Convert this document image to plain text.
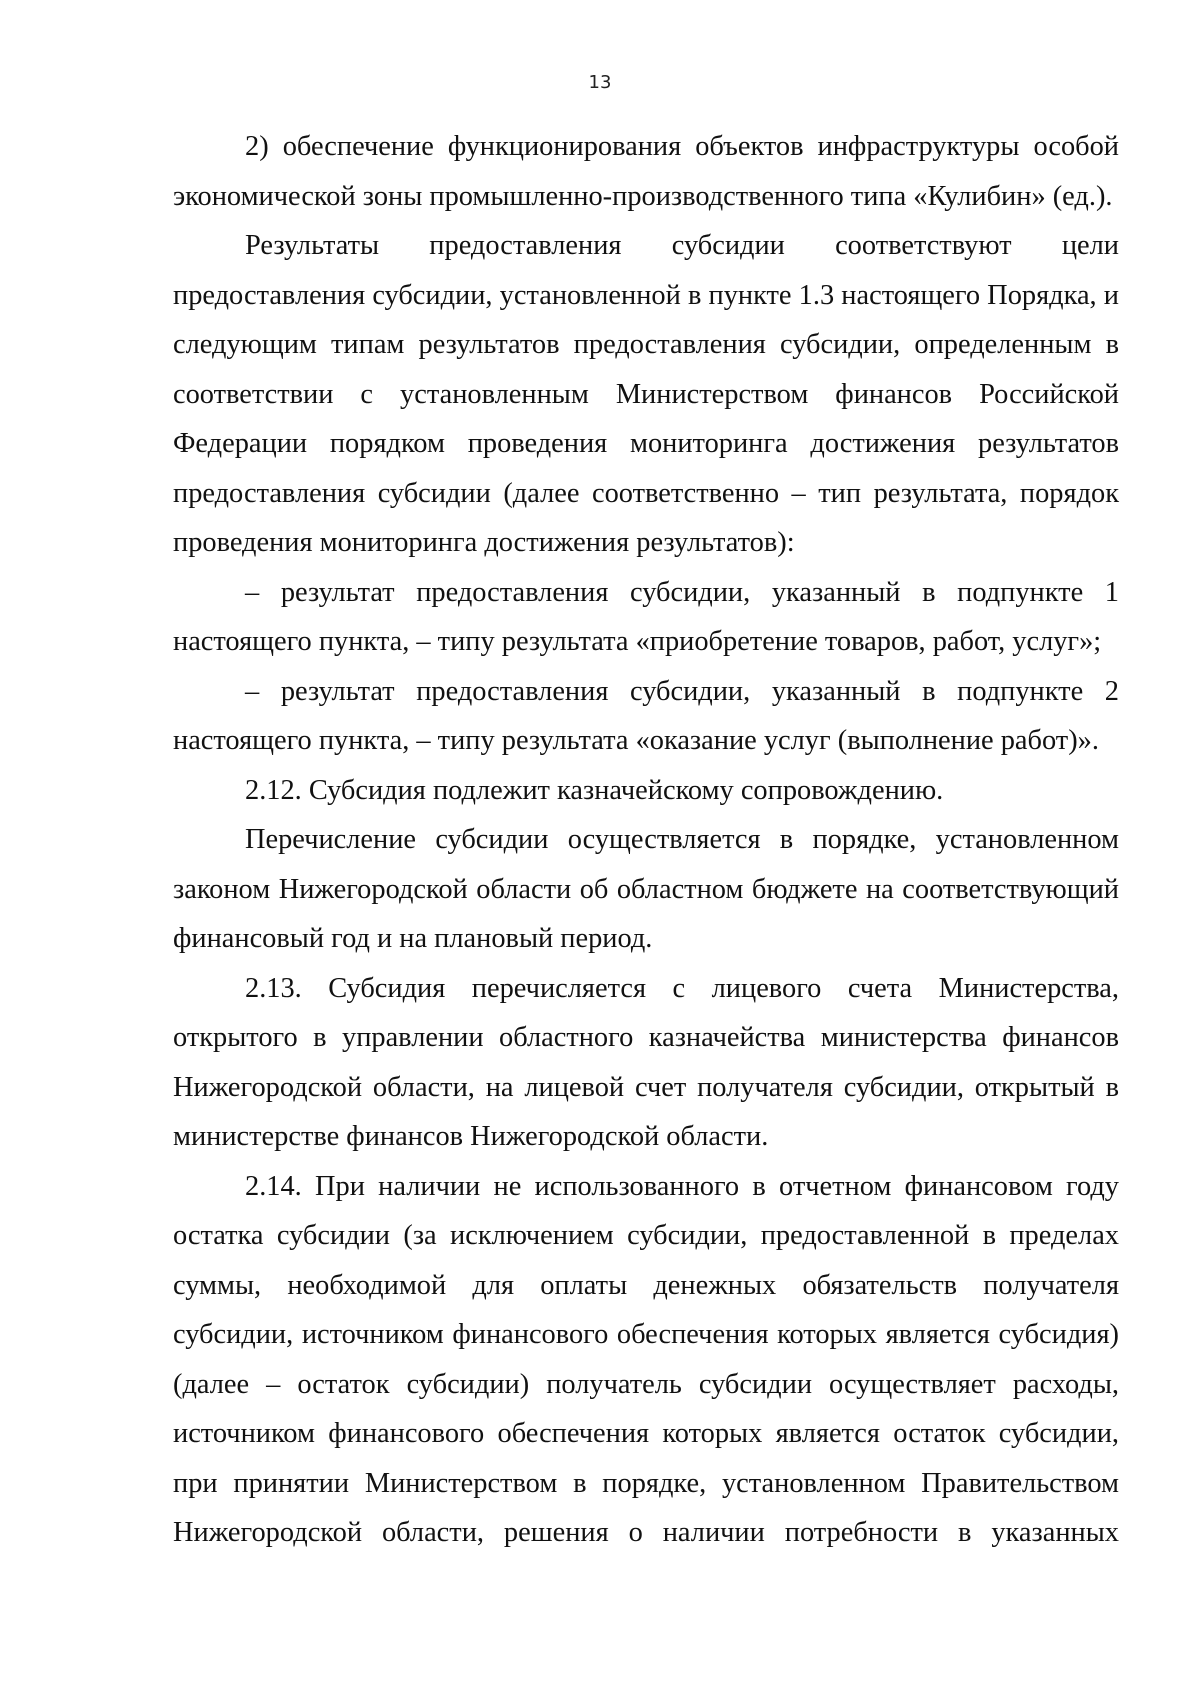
13

2) обеспечение функционирования объектов инфраструктуры особой экономической зоны промышленно-производственного типа «Кулибин» (ед.).

Результаты предоставления субсидии соответствуют цели предоставления субсидии, установленной в пункте 1.3 настоящего Порядка, и следующим типам результатов предоставления субсидии, определенным в соответствии с установленным Министерством финансов Российской Федерации порядком проведения мониторинга достижения результатов предоставления субсидии (далее соответственно – тип результата, порядок проведения мониторинга достижения результатов):

– результат предоставления субсидии, указанный в подпункте 1 настоящего пункта, – типу результата «приобретение товаров, работ, услуг»;

– результат предоставления субсидии, указанный в подпункте 2 настоящего пункта, – типу результата «оказание услуг (выполнение работ)».

2.12. Субсидия подлежит казначейскому сопровождению.

Перечисление субсидии осуществляется в порядке, установленном законом Нижегородской области об областном бюджете на соответствующий финансовый год и на плановый период.

2.13. Субсидия перечисляется с лицевого счета Министерства, открытого в управлении областного казначейства министерства финансов Нижегородской области, на лицевой счет получателя субсидии, открытый в министерстве финансов Нижегородской области.

2.14. При наличии не использованного в отчетном финансовом году остатка субсидии (за исключением субсидии, предоставленной в пределах суммы, необходимой для оплаты денежных обязательств получателя субсидии, источником финансового обеспечения которых является субсидия) (далее – остаток субсидии) получатель субсидии осуществляет расходы, источником финансового обеспечения которых является остаток субсидии, при принятии Министерством в порядке, установленном Правительством Нижегородской области, решения о наличии потребности в указанных
